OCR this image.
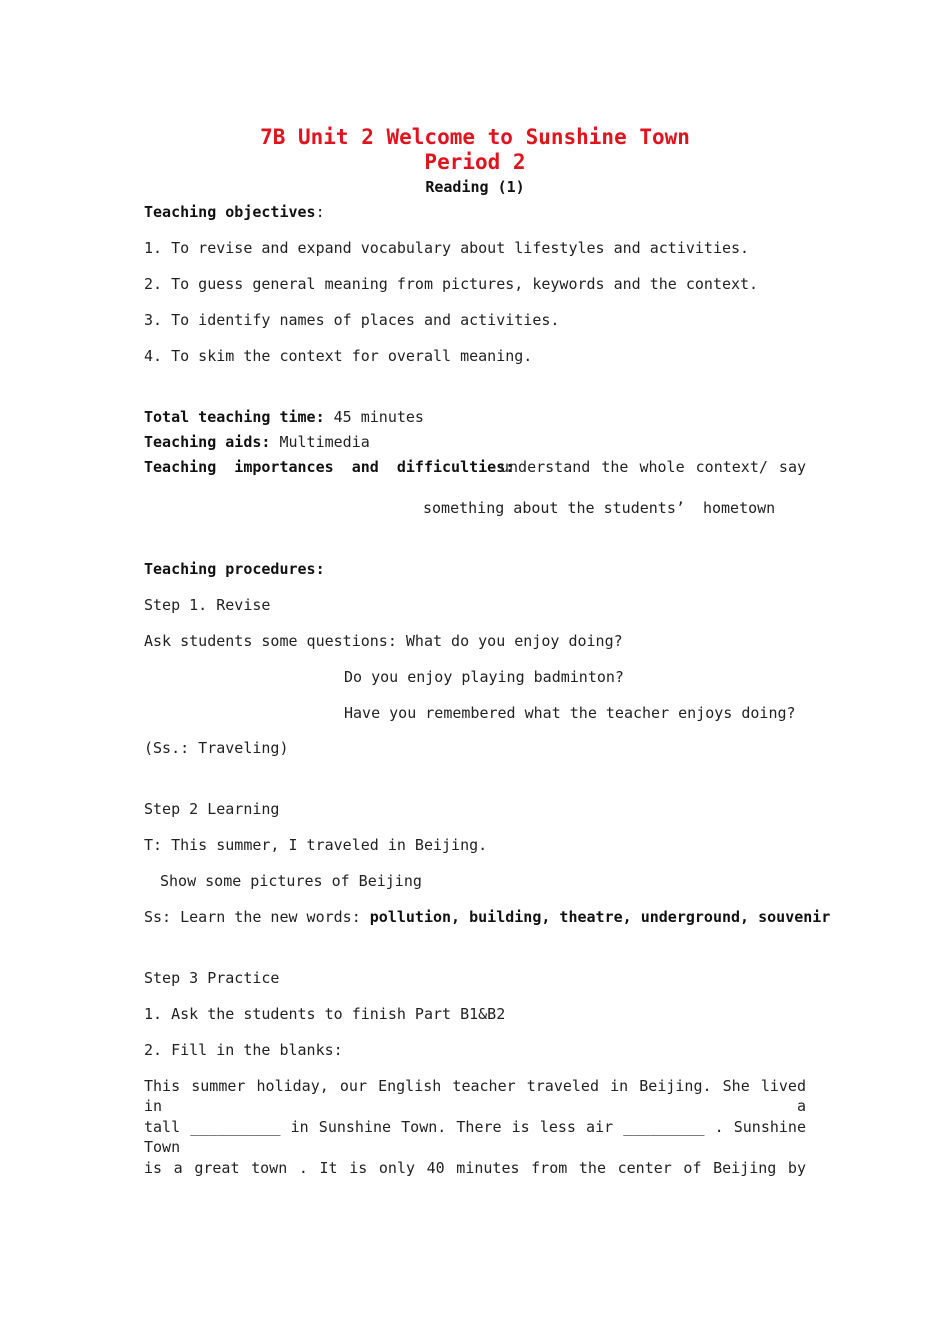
7B Unit 2 Welcome to Sunshine Town
Period 2
Reading (1)
Teaching objectives:
1. To revise and expand vocabulary about lifestyles and activities.
2. To guess general meaning from pictures, keywords and the context.
3. To identify names of places and activities.
4. To skim the context for overall meaning.
Total teaching time: 45 minutes
Teaching aids: Multimedia
Teaching  importances  and  difficulties:
understand the whole context/ say
something about the students’  hometown
Teaching procedures:
Step 1. Revise
Ask students some questions: What do you enjoy doing?
Do you enjoy playing badminton?
Have you remembered what the teacher enjoys doing?
(Ss.: Traveling)
Step 2 Learning
T: This summer, I traveled in Beijing.
Show some pictures of Beijing
Ss: Learn the new words: pollution, building, theatre, underground, souvenir
Step 3 Practice
1. Ask the students to finish Part B1&B2
2. Fill in the blanks:
This summer holiday, our English teacher traveled in Beijing. She lived in a
tall __________ in Sunshine Town. There is less air _________ . Sunshine Town
is a great town . It is only 40 minutes from the center of Beijing by
